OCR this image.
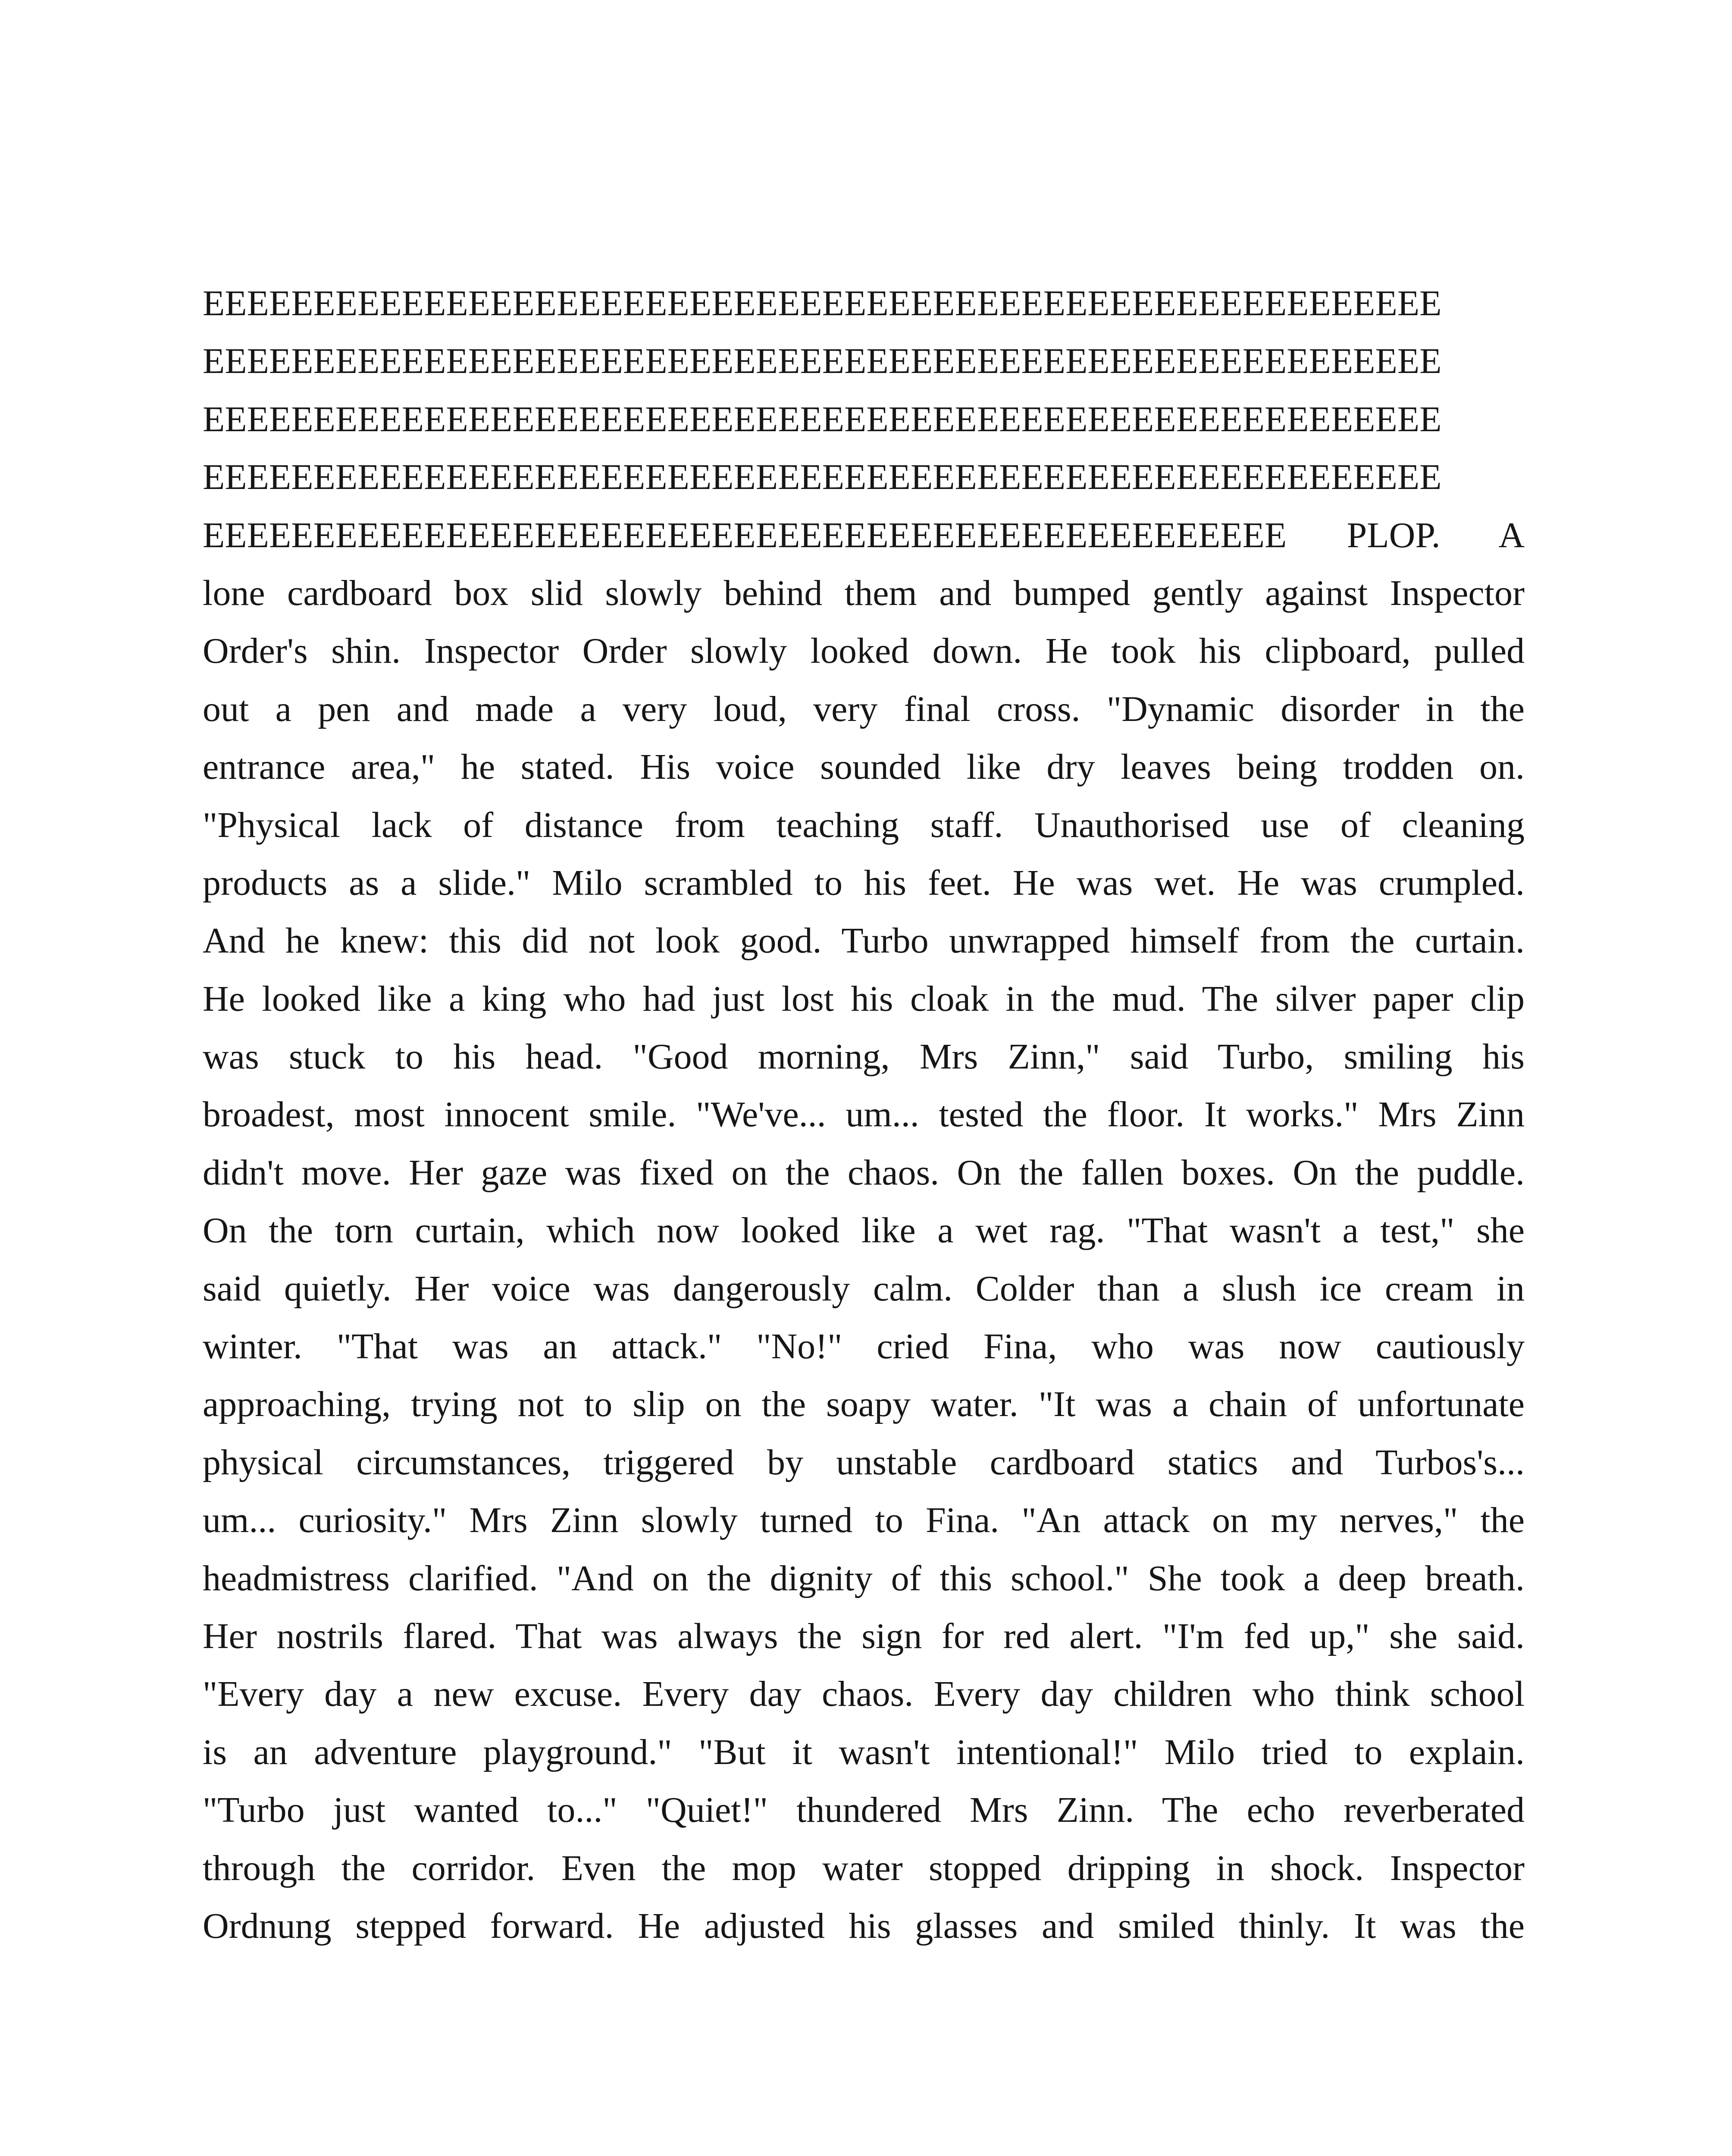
EEEEEEEEEEEEEEEEEEEEEEEEEEEEEEEEEEEEEEEEEEEEEEEEEEEEEEEE
EEEEEEEEEEEEEEEEEEEEEEEEEEEEEEEEEEEEEEEEEEEEEEEEEEEEEEEE
EEEEEEEEEEEEEEEEEEEEEEEEEEEEEEEEEEEEEEEEEEEEEEEEEEEEEEEE
EEEEEEEEEEEEEEEEEEEEEEEEEEEEEEEEEEEEEEEEEEEEEEEEEEEEEEEE
EEEEEEEEEEEEEEEEEEEEEEEEEEEEEEEEEEEEEEEEEEEEEEEEE PLOP. A
lone cardboard box slid slowly behind them and bumped gently against Inspector
Order's shin. Inspector Order slowly looked down. He took his clipboard, pulled
out a pen and made a very loud, very final cross. "Dynamic disorder in the
entrance area," he stated. His voice sounded like dry leaves being trodden on.
"Physical lack of distance from teaching staff. Unauthorised use of cleaning
products as a slide." Milo scrambled to his feet. He was wet. He was crumpled.
And he knew: this did not look good. Turbo unwrapped himself from the curtain.
He looked like a king who had just lost his cloak in the mud. The silver paper clip
was stuck to his head. "Good morning, Mrs Zinn," said Turbo, smiling his
broadest, most innocent smile. "We've... um... tested the floor. It works." Mrs Zinn
didn't move. Her gaze was fixed on the chaos. On the fallen boxes. On the puddle.
On the torn curtain, which now looked like a wet rag. "That wasn't a test," she
said quietly. Her voice was dangerously calm. Colder than a slush ice cream in
winter. "That was an attack." "No!" cried Fina, who was now cautiously
approaching, trying not to slip on the soapy water. "It was a chain of unfortunate
physical circumstances, triggered by unstable cardboard statics and Turbos's...
um... curiosity." Mrs Zinn slowly turned to Fina. "An attack on my nerves," the
headmistress clarified. "And on the dignity of this school." She took a deep breath.
Her nostrils flared. That was always the sign for red alert. "I'm fed up," she said.
"Every day a new excuse. Every day chaos. Every day children who think school
is an adventure playground." "But it wasn't intentional!" Milo tried to explain.
"Turbo just wanted to..." "Quiet!" thundered Mrs Zinn. The echo reverberated
through the corridor. Even the mop water stopped dripping in shock. Inspector
Ordnung stepped forward. He adjusted his glasses and smiled thinly. It was the
